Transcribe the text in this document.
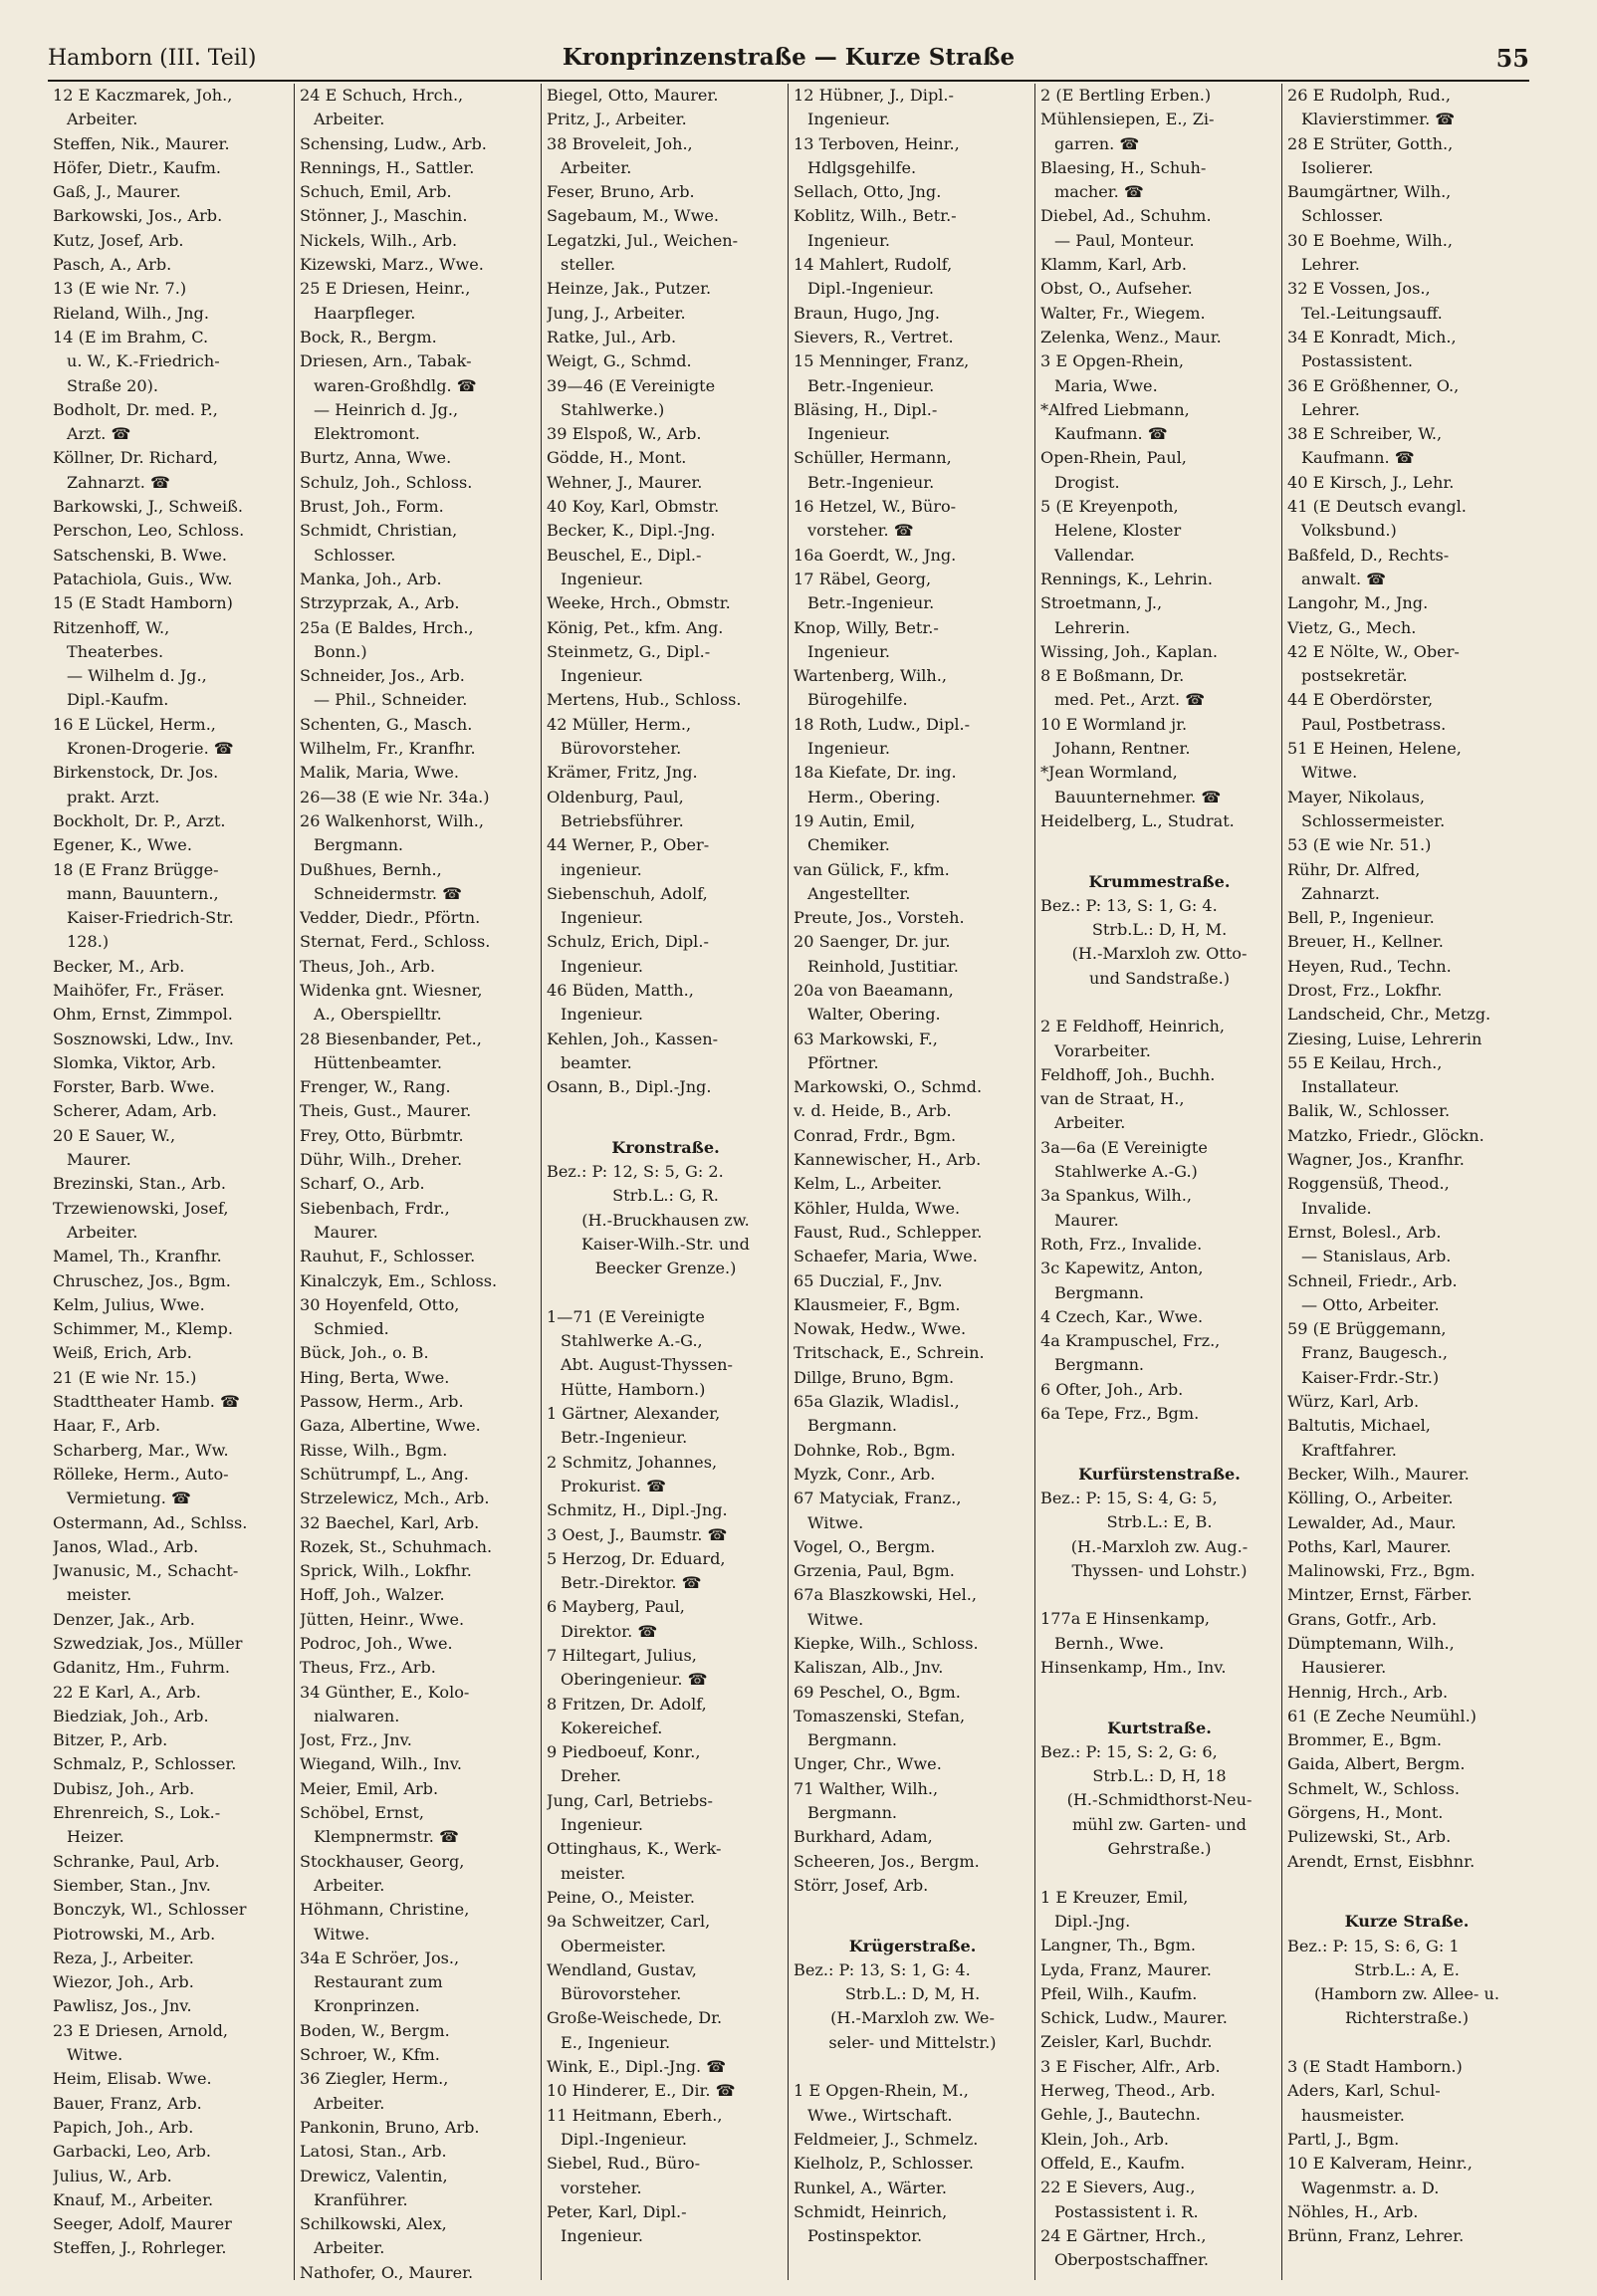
Hamborn (III. Teil)	Kronprinzenstraße — Kurze Straße	55
12 E Kaczmarek, Joh.,
Arbeiter.
Steffen, Nik., Maurer.
Höfer, Dietr., Kaufm.
Gaß, J., Maurer.
Barkowski, Jos., Arb.
Kutz, Josef, Arb.
Pasch, A., Arb.
13 (E wie Nr. 7.)
Rieland, Wilh., Jng.
14 (E im Brahm, C.
u. W., K.-Friedrich-
Straße 20).
Bodholt, Dr. med. P.,
Arzt. ☎
Köllner, Dr. Richard,
Zahnarzt. ☎
Barkowski, J., Schweiß.
Perschon, Leo, Schloss.
Satschenski, B. Wwe.
Patachiola, Guis., Ww.
15 (E Stadt Hamborn)
Ritzenhoff, W.,
Theaterbes.
— Wilhelm d. Jg.,
Dipl.-Kaufm.
16 E Lückel, Herm.,
Kronen-Drogerie. ☎
Birkenstock, Dr. Jos.
prakt. Arzt.
Bockholt, Dr. P., Arzt.
Egener, K., Wwe.
18 (E Franz Brügge-
mann, Bauuntern.,
Kaiser-Friedrich-Str.
128.)
Becker, M., Arb.
Maihöfer, Fr., Fräser.
Ohm, Ernst, Zimmpol.
Sosznowski, Ldw., Inv.
Slomka, Viktor, Arb.
Forster, Barb. Wwe.
Scherer, Adam, Arb.
20 E Sauer, W.,
Maurer.
Brezinski, Stan., Arb.
Trzewienowski, Josef,
Arbeiter.
Mamel, Th., Kranfhr.
Chruschez, Jos., Bgm.
Kelm, Julius, Wwe.
Schimmer, M., Klemp.
Weiß, Erich, Arb.
21 (E wie Nr. 15.)
Stadttheater Hamb. ☎
Haar, F., Arb.
Scharberg, Mar., Ww.
Rölleke, Herm., Auto-
Vermietung. ☎
Ostermann, Ad., Schlss.
Janos, Wlad., Arb.
Jwanusic, M., Schacht-
meister.
Denzer, Jak., Arb.
Szwedziak, Jos., Müller
Gdanitz, Hm., Fuhrm.
22 E Karl, A., Arb.
Biedziak, Joh., Arb.
Bitzer, P., Arb.
Schmalz, P., Schlosser.
Dubisz, Joh., Arb.
Ehrenreich, S., Lok.-
Heizer.
Schranke, Paul, Arb.
Siember, Stan., Jnv.
Bonczyk, Wl., Schlosser
Piotrowski, M., Arb.
Reza, J., Arbeiter.
Wiezor, Joh., Arb.
Pawlisz, Jos., Jnv.
23 E Driesen, Arnold,
Witwe.
Heim, Elisab. Wwe.
Bauer, Franz, Arb.
Papich, Joh., Arb.
Garbacki, Leo, Arb.
Julius, W., Arb.
Knauf, M., Arbeiter.
Seeger, Adolf, Maurer
Steffen, J., Rohrleger.
24 E Schuch, Hrch.,
Arbeiter.
Schensing, Ludw., Arb.
Rennings, H., Sattler.
Schuch, Emil, Arb.
Stönner, J., Maschin.
Nickels, Wilh., Arb.
Kizewski, Marz., Wwe.
25 E Driesen, Heinr.,
Haarpfleger.
Bock, R., Bergm.
Driesen, Arn., Tabak-
waren-Großhdlg. ☎
— Heinrich d. Jg.,
Elektromont.
Burtz, Anna, Wwe.
Schulz, Joh., Schloss.
Brust, Joh., Form.
Schmidt, Christian,
Schlosser.
Manka, Joh., Arb.
Strzyprzak, A., Arb.
25a (E Baldes, Hrch.,
Bonn.)
Schneider, Jos., Arb.
— Phil., Schneider.
Schenten, G., Masch.
Wilhelm, Fr., Kranfhr.
Malik, Maria, Wwe.
26—38 (E wie Nr. 34a.)
26 Walkenhorst, Wilh.,
Bergmann.
Dußhues, Bernh.,
Schneidermstr. ☎
Vedder, Diedr., Pförtn.
Sternat, Ferd., Schloss.
Theus, Joh., Arb.
Widenka gnt. Wiesner,
A., Oberspielltr.
28 Biesenbander, Pet.,
Hüttenbeamter.
Frenger, W., Rang.
Theis, Gust., Maurer.
Frey, Otto, Bürbmtr.
Dühr, Wilh., Dreher.
Scharf, O., Arb.
Siebenbach, Frdr.,
Maurer.
Rauhut, F., Schlosser.
Kinalczyk, Em., Schloss.
30 Hoyenfeld, Otto,
Schmied.
Bück, Joh., o. B.
Hing, Berta, Wwe.
Passow, Herm., Arb.
Gaza, Albertine, Wwe.
Risse, Wilh., Bgm.
Schütrumpf, L., Ang.
Strzelewicz, Mch., Arb.
32 Baechel, Karl, Arb.
Rozek, St., Schuhmach.
Sprick, Wilh., Lokfhr.
Hoff, Joh., Walzer.
Jütten, Heinr., Wwe.
Podroc, Joh., Wwe.
Theus, Frz., Arb.
34 Günther, E., Kolo-
nialwaren.
Jost, Frz., Jnv.
Wiegand, Wilh., Inv.
Meier, Emil, Arb.
Schöbel, Ernst,
Klempnermstr. ☎
Stockhauser, Georg,
Arbeiter.
Höhmann, Christine,
Witwe.
34a E Schröer, Jos.,
Restaurant zum
Kronprinzen.
Boden, W., Bergm.
Schroer, W., Kfm.
36 Ziegler, Herm.,
Arbeiter.
Pankonin, Bruno, Arb.
Latosi, Stan., Arb.
Drewicz, Valentin,
Kranführer.
Schilkowski, Alex,
Arbeiter.
Nathofer, O., Maurer.
Biegel, Otto, Maurer.
Pritz, J., Arbeiter.
38 Broveleit, Joh.,
Arbeiter.
Feser, Bruno, Arb.
Sagebaum, M., Wwe.
Legatzki, Jul., Weichen-
steller.
Heinze, Jak., Putzer.
Jung, J., Arbeiter.
Ratke, Jul., Arb.
Weigt, G., Schmd.
39—46 (E Vereinigte
Stahlwerke.)
39 Elspoß, W., Arb.
Gödde, H., Mont.
Wehner, J., Maurer.
40 Koy, Karl, Obmstr.
Becker, K., Dipl.-Jng.
Beuschel, E., Dipl.-
Ingenieur.
Weeke, Hrch., Obmstr.
König, Pet., kfm. Ang.
Steinmetz, G., Dipl.-
Ingenieur.
Mertens, Hub., Schloss.
42 Müller, Herm.,
Bürovorsteher.
Krämer, Fritz, Jng.
Oldenburg, Paul,
Betriebsführer.
44 Werner, P., Ober-
ingenieur.
Siebenschuh, Adolf,
Ingenieur.
Schulz, Erich, Dipl.-
Ingenieur.
46 Büden, Matth.,
Ingenieur.
Kehlen, Joh., Kassen-
beamter.
Osann, B., Dipl.-Jng.

Kronstraße.
Bez.: P: 12, S: 5, G: 2.
Strb.L.: G, R.
(H.-Bruckhausen zw.
Kaiser-Wilh.-Str. und
Beecker Grenze.)

1—71 (E Vereinigte
Stahlwerke A.-G.,
Abt. August-Thyssen-
Hütte, Hamborn.)
1 Gärtner, Alexander,
Betr.-Ingenieur.
2 Schmitz, Johannes,
Prokurist. ☎
Schmitz, H., Dipl.-Jng.
3 Oest, J., Baumstr. ☎
5 Herzog, Dr. Eduard,
Betr.-Direktor. ☎
6 Mayberg, Paul,
Direktor. ☎
7 Hiltegart, Julius,
Oberingenieur. ☎
8 Fritzen, Dr. Adolf,
Kokereichef.
9 Piedboeuf, Konr.,
Dreher.
Jung, Carl, Betriebs-
Ingenieur.
Ottinghaus, K., Werk-
meister.
Peine, O., Meister.
9a Schweitzer, Carl,
Obermeister.
Wendland, Gustav,
Bürovorsteher.
Große-Weischede, Dr.
E., Ingenieur.
Wink, E., Dipl.-Jng. ☎
10 Hinderer, E., Dir. ☎
11 Heitmann, Eberh.,
Dipl.-Ingenieur.
Siebel, Rud., Büro-
vorsteher.
Peter, Karl, Dipl.-
Ingenieur.
12 Hübner, J., Dipl.-
Ingenieur.
13 Terboven, Heinr.,
Hdlgsgehilfe.
Sellach, Otto, Jng.
Koblitz, Wilh., Betr.-
Ingenieur.
14 Mahlert, Rudolf,
Dipl.-Ingenieur.
Braun, Hugo, Jng.
Sievers, R., Vertret.
15 Menninger, Franz,
Betr.-Ingenieur.
Bläsing, H., Dipl.-
Ingenieur.
Schüller, Hermann,
Betr.-Ingenieur.
16 Hetzel, W., Büro-
vorsteher. ☎
16a Goerdt, W., Jng.
17 Räbel, Georg,
Betr.-Ingenieur.
Knop, Willy, Betr.-
Ingenieur.
Wartenberg, Wilh.,
Bürogehilfe.
18 Roth, Ludw., Dipl.-
Ingenieur.
18a Kiefate, Dr. ing.
Herm., Obering.
19 Autin, Emil,
Chemiker.
van Gülick, F., kfm.
Angestellter.
Preute, Jos., Vorsteh.
20 Saenger, Dr. jur.
Reinhold, Justitiar.
20a von Baeamann,
Walter, Obering.
63 Markowski, F.,
Pförtner.
Markowski, O., Schmd.
v. d. Heide, B., Arb.
Conrad, Frdr., Bgm.
Kannewischer, H., Arb.
Kelm, L., Arbeiter.
Köhler, Hulda, Wwe.
Faust, Rud., Schlepper.
Schaefer, Maria, Wwe.
65 Duczial, F., Jnv.
Klausmeier, F., Bgm.
Nowak, Hedw., Wwe.
Tritschack, E., Schrein.
Dillge, Bruno, Bgm.
65a Glazik, Wladisl.,
Bergmann.
Dohnke, Rob., Bgm.
Myzk, Conr., Arb.
67 Matyciak, Franz.,
Witwe.
Vogel, O., Bergm.
Grzenia, Paul, Bgm.
67a Blaszkowski, Hel.,
Witwe.
Kiepke, Wilh., Schloss.
Kaliszan, Alb., Jnv.
69 Peschel, O., Bgm.
Tomaszenski, Stefan,
Bergmann.
Unger, Chr., Wwe.
71 Walther, Wilh.,
Bergmann.
Burkhard, Adam,
Scheeren, Jos., Bergm.
Störr, Josef, Arb.

Krügerstraße.
Bez.: P: 13, S: 1, G: 4.
Strb.L.: D, M, H.
(H.-Marxloh zw. We-
seler- und Mittelstr.)

1 E Opgen-Rhein, M.,
Wwe., Wirtschaft.
Feldmeier, J., Schmelz.
Kielholz, P., Schlosser.
Runkel, A., Wärter.
Schmidt, Heinrich,
Postinspektor.
2 (E Bertling Erben.)
Mühlensiepen, E., Zi-
garren. ☎
Blaesing, H., Schuh-
macher. ☎
Diebel, Ad., Schuhm.
— Paul, Monteur.
Klamm, Karl, Arb.
Obst, O., Aufseher.
Walter, Fr., Wiegem.
Zelenka, Wenz., Maur.
3 E Opgen-Rhein,
Maria, Wwe.
*Alfred Liebmann,
Kaufmann. ☎
Open-Rhein, Paul,
Drogist.
5 (E Kreyenpoth,
Helene, Kloster
Vallendar.
Rennings, K., Lehrin.
Stroetmann, J.,
Lehrerin.
Wissing, Joh., Kaplan.
8 E Boßmann, Dr.
med. Pet., Arzt. ☎
10 E Wormland jr.
Johann, Rentner.
*Jean Wormland,
Bauunternehmer. ☎
Heidelberg, L., Studrat.

Krummestraße.
Bez.: P: 13, S: 1, G: 4.
Strb.L.: D, H, M.
(H.-Marxloh zw. Otto-
und Sandstraße.)

2 E Feldhoff, Heinrich,
Vorarbeiter.
Feldhoff, Joh., Buchh.
van de Straat, H.,
Arbeiter.
3a—6a (E Vereinigte
Stahlwerke A.-G.)
3a Spankus, Wilh.,
Maurer.
Roth, Frz., Invalide.
3c Kapewitz, Anton,
Bergmann.
4 Czech, Kar., Wwe.
4a Krampuschel, Frz.,
Bergmann.
6 Ofter, Joh., Arb.
6a Tepe, Frz., Bgm.

Kurfürstenstraße.
Bez.: P: 15, S: 4, G: 5,
Strb.L.: E, B.
(H.-Marxloh zw. Aug.-
Thyssen- und Lohstr.)

177a E Hinsenkamp,
Bernh., Wwe.
Hinsenkamp, Hm., Inv.

Kurtstraße.
Bez.: P: 15, S: 2, G: 6,
Strb.L.: D, H, 18
(H.-Schmidthorst-Neu-
mühl zw. Garten- und
Gehrstraße.)

1 E Kreuzer, Emil,
Dipl.-Jng.
Langner, Th., Bgm.
Lyda, Franz, Maurer.
Pfeil, Wilh., Kaufm.
Schick, Ludw., Maurer.
Zeisler, Karl, Buchdr.
3 E Fischer, Alfr., Arb.
Herweg, Theod., Arb.
Gehle, J., Bautechn.
Klein, Joh., Arb.
Offeld, E., Kaufm.
22 E Sievers, Aug.,
Postassistent i. R.
24 E Gärtner, Hrch.,
Oberpostschaffner.
26 E Rudolph, Rud.,
Klavierstimmer. ☎
28 E Strüter, Gotth.,
Isolierer.
Baumgärtner, Wilh.,
Schlosser.
30 E Boehme, Wilh.,
Lehrer.
32 E Vossen, Jos.,
Tel.-Leitungsauff.
34 E Konradt, Mich.,
Postassistent.
36 E Größhenner, O.,
Lehrer.
38 E Schreiber, W.,
Kaufmann. ☎
40 E Kirsch, J., Lehr.
41 (E Deutsch evangl.
Volksbund.)
Baßfeld, D., Rechts-
anwalt. ☎
Langohr, M., Jng.
Vietz, G., Mech.
42 E Nölte, W., Ober-
postsekretär.
44 E Oberdörster,
Paul, Postbetrass.
51 E Heinen, Helene,
Witwe.
Mayer, Nikolaus,
Schlossermeister.
53 (E wie Nr. 51.)
Rühr, Dr. Alfred,
Zahnarzt.
Bell, P., Ingenieur.
Breuer, H., Kellner.
Heyen, Rud., Techn.
Drost, Frz., Lokfhr.
Landscheid, Chr., Metzg.
Ziesing, Luise, Lehrerin
55 E Keilau, Hrch.,
Installateur.
Balik, W., Schlosser.
Matzko, Friedr., Glöckn.
Wagner, Jos., Kranfhr.
Roggensüß, Theod.,
Invalide.
Ernst, Bolesl., Arb.
— Stanislaus, Arb.
Schneil, Friedr., Arb.
— Otto, Arbeiter.
59 (E Brüggemann,
Franz, Baugesch.,
Kaiser-Frdr.-Str.)
Würz, Karl, Arb.
Baltutis, Michael,
Kraftfahrer.
Becker, Wilh., Maurer.
Kölling, O., Arbeiter.
Lewalder, Ad., Maur.
Poths, Karl, Maurer.
Malinowski, Frz., Bgm.
Mintzer, Ernst, Färber.
Grans, Gotfr., Arb.
Dümptemann, Wilh.,
Hausierer.
Hennig, Hrch., Arb.
61 (E Zeche Neumühl.)
Brommer, E., Bgm.
Gaida, Albert, Bergm.
Schmelt, W., Schloss.
Görgens, H., Mont.
Pulizewski, St., Arb.
Arendt, Ernst, Eisbhnr.

Kurze Straße.
Bez.: P: 15, S: 6, G: 1
Strb.L.: A, E.
(Hamborn zw. Allee- u.
Richterstraße.)

3 (E Stadt Hamborn.)
Aders, Karl, Schul-
hausmeister.
Partl, J., Bgm.
10 E Kalveram, Heinr.,
Wagenmstr. a. D.
Nöhles, H., Arb.
Brünn, Franz, Lehrer.
